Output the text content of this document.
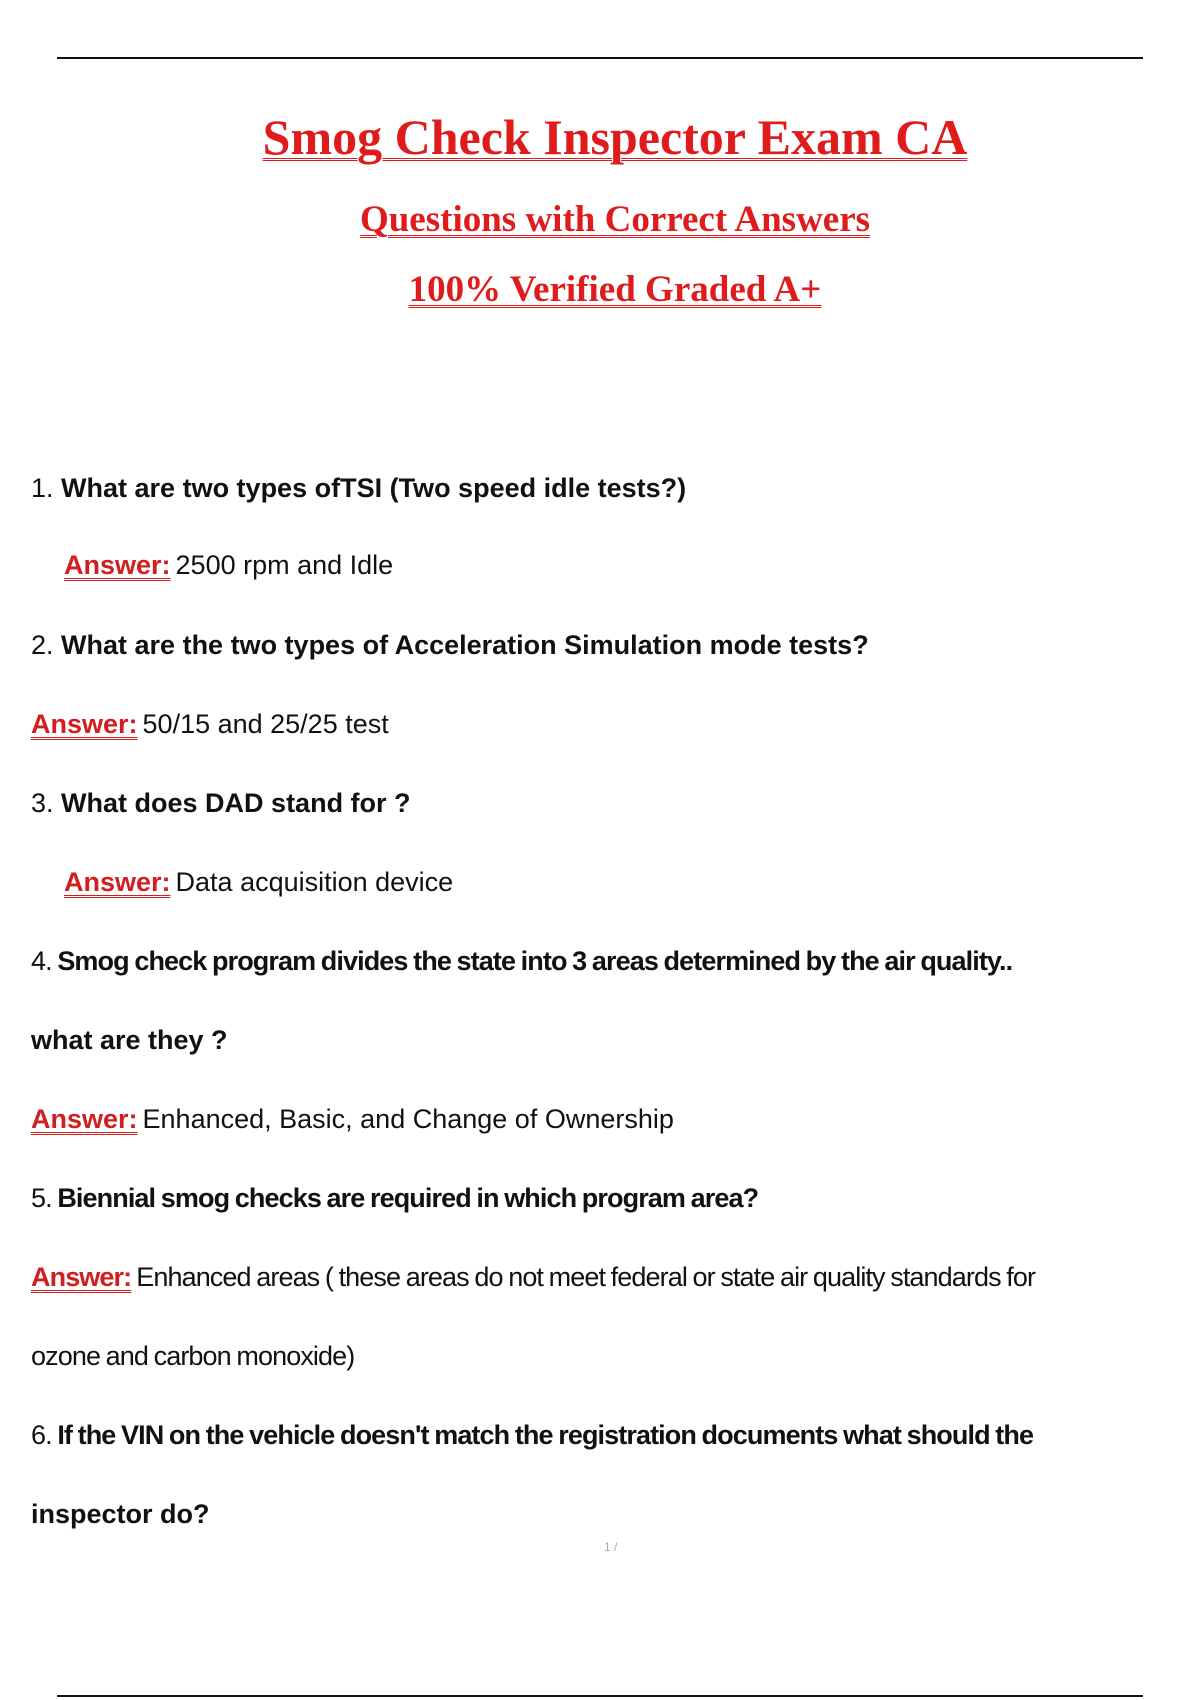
Smog Check Inspector Exam CA
Questions with Correct Answers
100% Verified Graded A+
1. What are two types ofTSI (Two speed idle tests?)
Answer: 2500 rpm and Idle
2. What are the two types of Acceleration Simulation mode tests?
Answer: 50/15 and 25/25 test
3. What does DAD stand for ?
Answer: Data acquisition device
4. Smog check program divides the state into 3 areas determined by the air quality..
what are they ?
Answer: Enhanced, Basic, and Change of Ownership
5. Biennial smog checks are required in which program area?
Answer: Enhanced areas ( these areas do not meet federal or state air quality standards for
ozone and carbon monoxide)
6. If the VIN on the vehicle doesn't match the registration documents what should the
inspector do?
1 /
